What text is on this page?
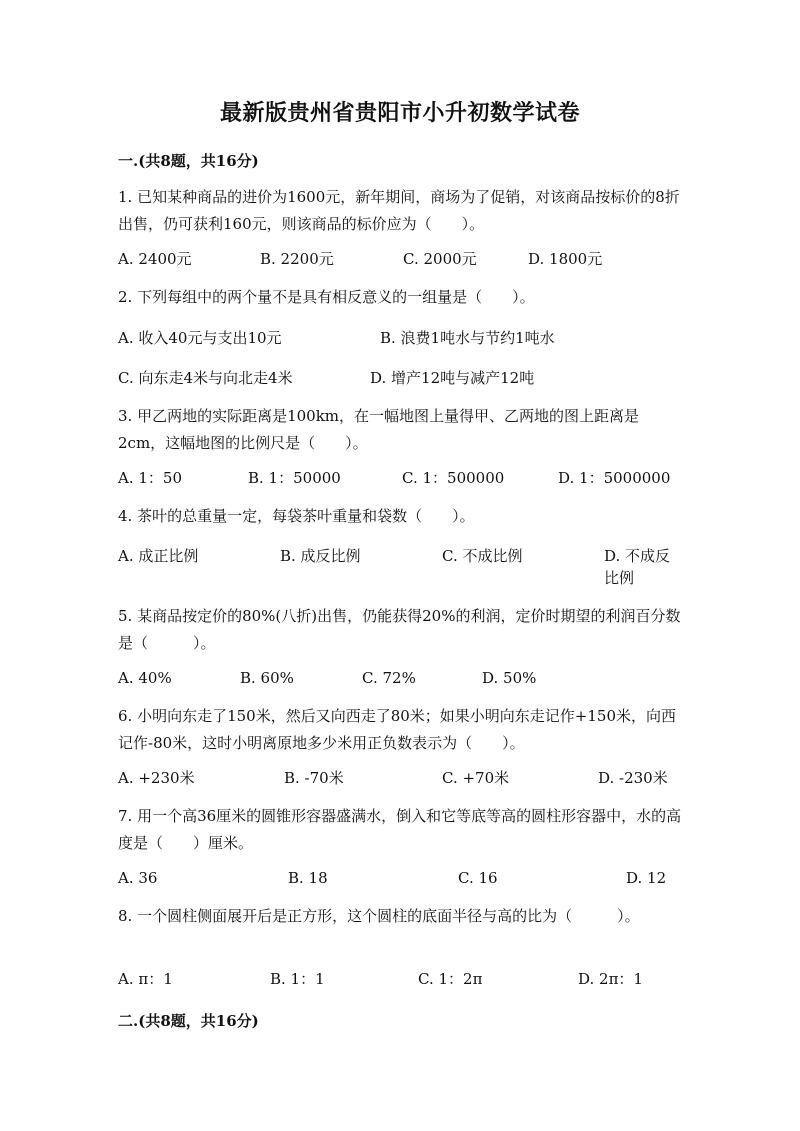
最新版贵州省贵阳市小升初数学试卷
一.(共8题，共16分)
1. 已知某种商品的进价为1600元，新年期间，商场为了促销，对该商品按标价的8折出售，仍可获利160元，则该商品的标价应为（　　）。
A. 2400元	B. 2200元	C. 2000元	D. 1800元
2. 下列每组中的两个量不是具有相反意义的一组量是（　　）。
A. 收入40元与支出10元	B. 浪费1吨水与节约1吨水
C. 向东走4米与向北走4米	D. 增产12吨与减产12吨
3. 甲乙两地的实际距离是100km，在一幅地图上量得甲、乙两地的图上距离是2cm，这幅地图的比例尺是（　　）。
A. 1：50	B. 1：50000	C. 1：500000	D. 1：5000000
4. 茶叶的总重量一定，每袋茶叶重量和袋数（　　）。
A. 成正比例	B. 成反比例	C. 不成比例	D. 不成反比例
5. 某商品按定价的80%(八折)出售，仍能获得20%的利润，定价时期望的利润百分数是（　　　）。
A. 40%	B. 60%	C. 72%	D. 50%
6. 小明向东走了150米，然后又向西走了80米；如果小明向东走记作+150米，向西记作-80米，这时小明离原地多少米用正负数表示为（　　）。
A. +230米	B. -70米	C. +70米	D. -230米
7. 用一个高36厘米的圆锥形容器盛满水，倒入和它等底等高的圆柱形容器中，水的高度是（　　）厘米。
A. 36	B. 18	C. 16	D. 12
8. 一个圆柱侧面展开后是正方形，这个圆柱的底面半径与高的比为（　　　）。
A. π：1	B. 1：1	C. 1：2π	D. 2π：1
二.(共8题，共16分)
